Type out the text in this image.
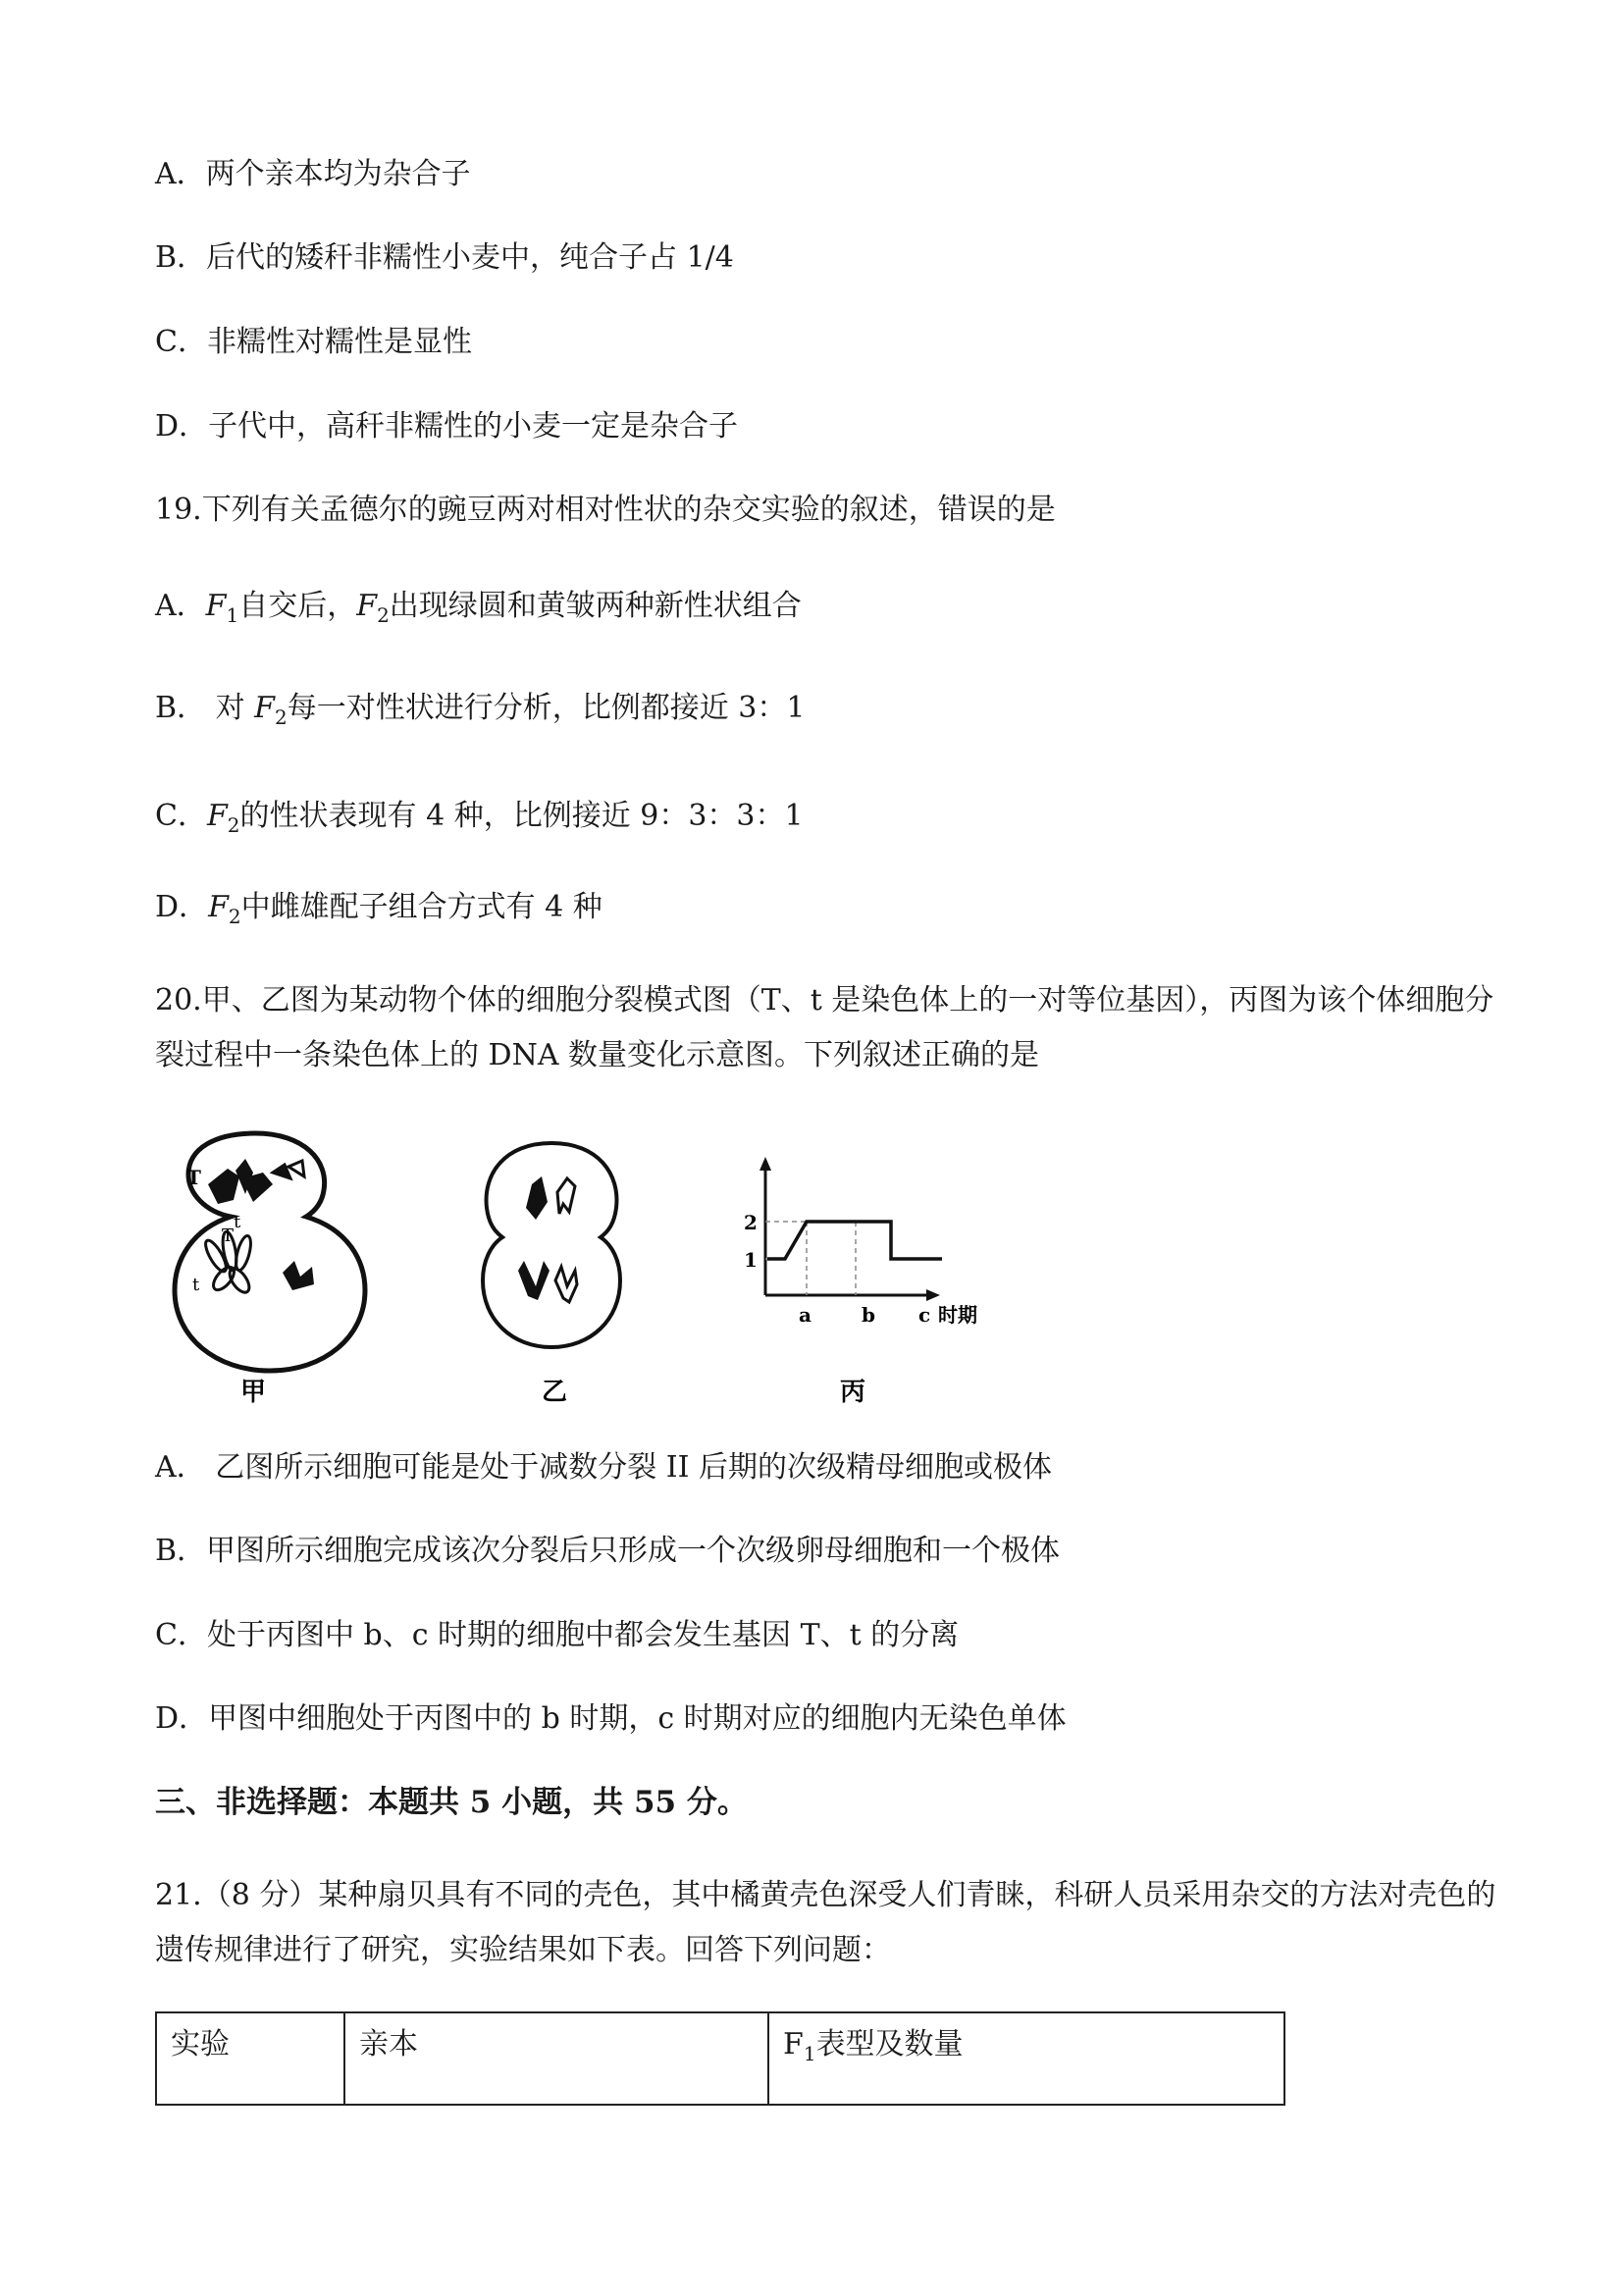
A．两个亲本均为杂合子
B．后代的矮秆非糯性小麦中，纯合子占 1/4
C．非糯性对糯性是显性
D．子代中，高秆非糯性的小麦一定是杂合子
19.下列有关孟德尔的豌豆两对相对性状的杂交实验的叙述，错误的是
A．$F_1$自交后，$F_2$出现绿圆和黄皱两种新性状组合
B． 对 $F_2$每一对性状进行分析，比例都接近 3：1
C．$F_2$的性状表现有 4 种，比例接近 9：3：3：1
D．$F_2$中雌雄配子组合方式有 4 种
20.甲、乙图为某动物个体的细胞分裂模式图（T、t 是染色体上的一对等位基因），丙图为该个体细胞分
裂过程中一条染色体上的 DNA 数量变化示意图。下列叙述正确的是
T
t
T
t
甲	乙
2
1
a	b c 时期
丙
A． 乙图所示细胞可能是处于减数分裂 II 后期的次级精母细胞或极体
B．甲图所示细胞完成该次分裂后只形成一个次级卵母细胞和一个极体
C．处于丙图中 b、c 时期的细胞中都会发生基因 T、t 的分离
D．甲图中细胞处于丙图中的 b 时期，c 时期对应的细胞内无染色单体
三、非选择题：本题共 5 小题，共 55 分。
21.（8 分）某种扇贝具有不同的壳色，其中橘黄壳色深受人们青睐，科研人员采用杂交的方法对壳色的
遗传规律进行了研究，实验结果如下表。回答下列问题：
实验	亲本	$F_1$表型及数量
